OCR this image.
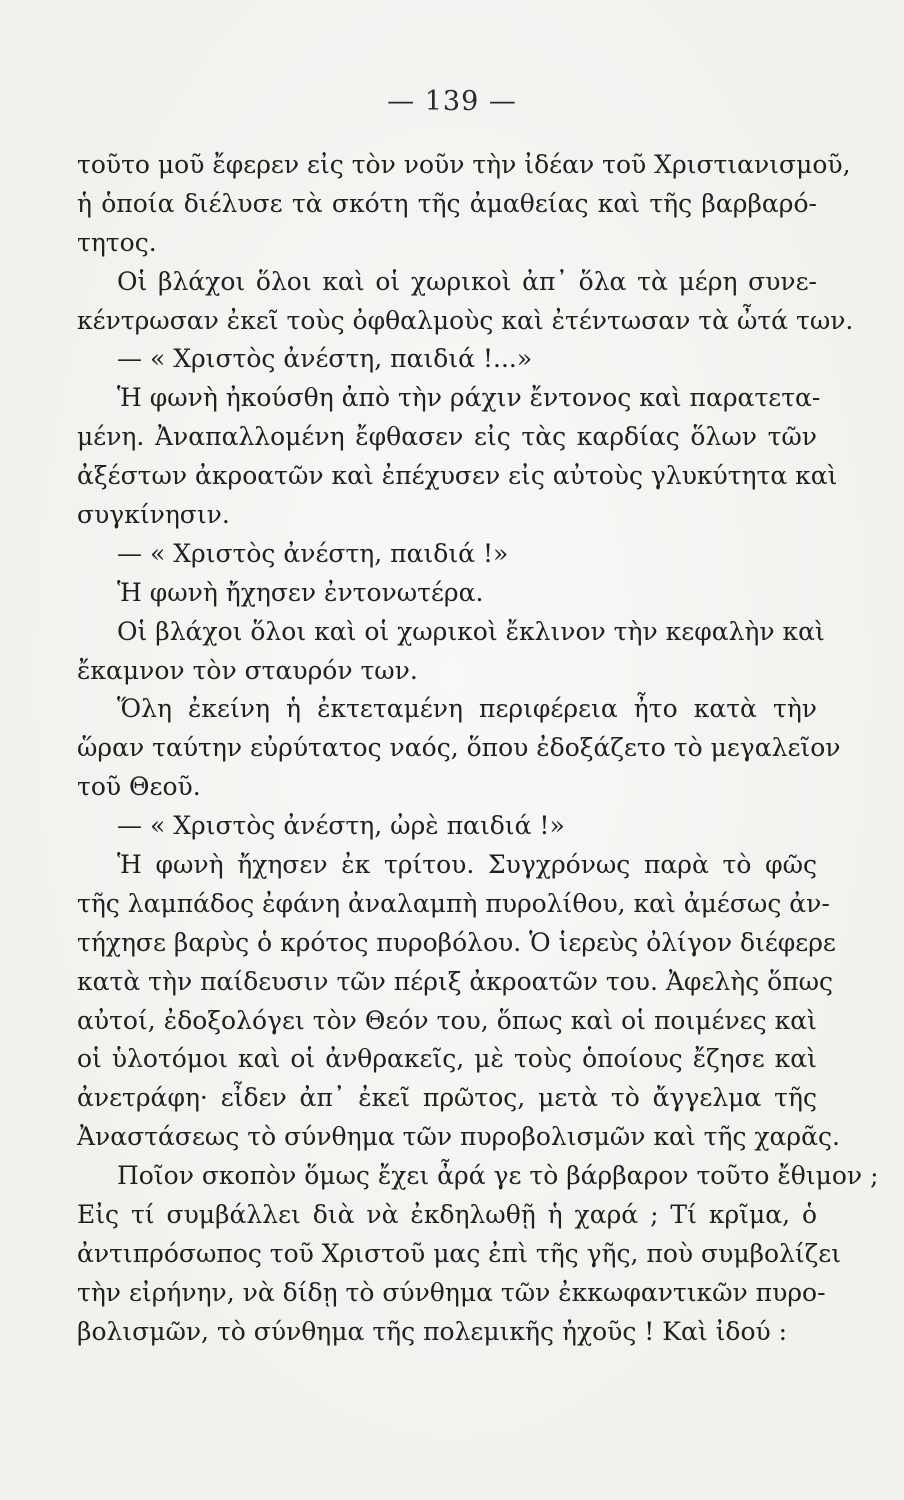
— 139 —
τοῦτο μοῦ ἔφερεν εἰς τὸν νοῦν τὴν ἰδέαν τοῦ Χριστιανισμοῦ,
ἡ ὁποία διέλυσε τὰ σκότη τῆς ἀμαθείας καὶ τῆς βαρβαρό-
τητος.
Οἱ βλάχοι ὅλοι καὶ οἱ χωρικοὶ ἀπ᾽ ὅλα τὰ μέρη συνε-
κέντρωσαν ἐκεῖ τοὺς ὀφθαλμοὺς καὶ ἐτέντωσαν τὰ ὦτά των.
— « Χριστὸς ἀνέστη, παιδιά !...»
Ἡ φωνὴ ἠκούσθη ἀπὸ τὴν ράχιν ἔντονος καὶ παρατετα-
μένη. Ἀναπαλλομένη ἔφθασεν εἰς τὰς καρδίας ὅλων τῶν
ἀξέστων ἀκροατῶν καὶ ἐπέχυσεν εἰς αὐτοὺς γλυκύτητα καὶ
συγκίνησιν.
— « Χριστὸς ἀνέστη, παιδιά !»
Ἡ φωνὴ ἤχησεν ἐντονωτέρα.
Οἱ βλάχοι ὅλοι καὶ οἱ χωρικοὶ ἔκλινον τὴν κεφαλὴν καὶ
ἔκαμνον τὸν σταυρόν των.
Ὅλη ἐκείνη ἡ ἐκτεταμένη περιφέρεια ἦτο κατὰ τὴν
ὥραν ταύτην εὐρύτατος ναός, ὅπου ἐδοξάζετο τὸ μεγαλεῖον
τοῦ Θεοῦ.
— « Χριστὸς ἀνέστη, ὠρὲ παιδιά !»
Ἡ φωνὴ ἤχησεν ἐκ τρίτου. Συγχρόνως παρὰ τὸ φῶς
τῆς λαμπάδος ἐφάνη ἀναλαμπὴ πυρολίθου, καὶ ἀμέσως ἀν-
τήχησε βαρὺς ὁ κρότος πυροβόλου. Ὁ ἱερεὺς ὀλίγον διέφερε
κατὰ τὴν παίδευσιν τῶν πέριξ ἀκροατῶν του. Ἀφελὴς ὅπως
αὐτοί, ἐδοξολόγει τὸν Θεόν του, ὅπως καὶ οἱ ποιμένες καὶ
οἱ ὑλοτόμοι καὶ οἱ ἀνθρακεῖς, μὲ τοὺς ὁποίους ἔζησε καὶ
ἀνετράφη· εἶδεν ἀπ᾽ ἐκεῖ πρῶτος, μετὰ τὸ ἄγγελμα τῆς
Ἀναστάσεως τὸ σύνθημα τῶν πυροβολισμῶν καὶ τῆς χαρᾶς.
Ποῖον σκοπὸν ὅμως ἔχει ἆρά γε τὸ βάρβαρον τοῦτο ἔθιμον ;
Εἰς τί συμβάλλει διὰ νὰ ἐκδηλωθῇ ἡ χαρά ; Τί κρῖμα, ὁ
ἀντιπρόσωπος τοῦ Χριστοῦ μας ἐπὶ τῆς γῆς, ποὺ συμβολίζει
τὴν εἰρήνην, νὰ δίδῃ τὸ σύνθημα τῶν ἐκκωφαντικῶν πυρο-
βολισμῶν, τὸ σύνθημα τῆς πολεμικῆς ἠχοῦς ! Καὶ ἰδού :
